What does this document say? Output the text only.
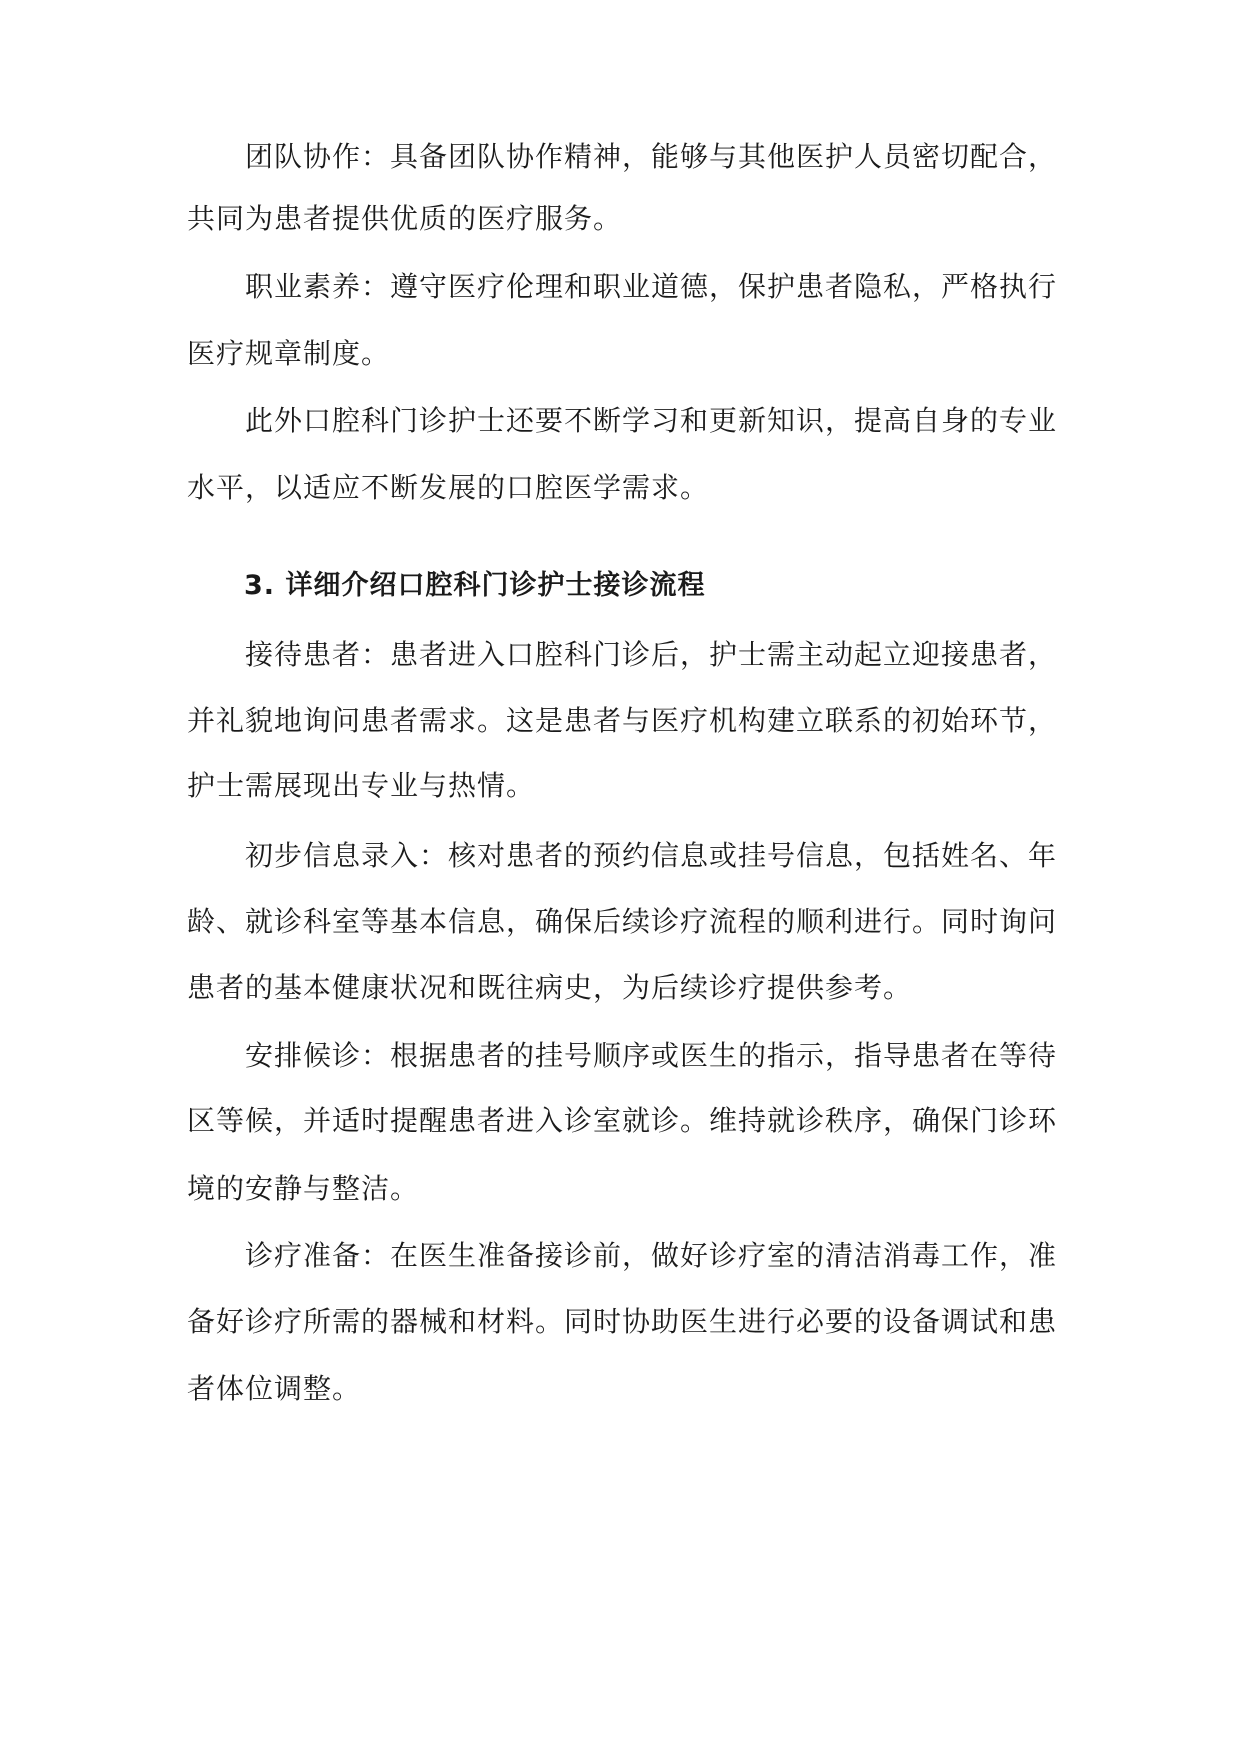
团队协作：具备团队协作精神，能够与其他医护人员密切配合，
共同为患者提供优质的医疗服务。
职业素养：遵守医疗伦理和职业道德，保护患者隐私，严格执行
医疗规章制度。
此外口腔科门诊护士还要不断学习和更新知识，提高自身的专业
水平，以适应不断发展的口腔医学需求。
3. 详细介绍口腔科门诊护士接诊流程
接待患者：患者进入口腔科门诊后，护士需主动起立迎接患者，
并礼貌地询问患者需求。这是患者与医疗机构建立联系的初始环节，
护士需展现出专业与热情。
初步信息录入：核对患者的预约信息或挂号信息，包括姓名、年
龄、就诊科室等基本信息，确保后续诊疗流程的顺利进行。同时询问
患者的基本健康状况和既往病史，为后续诊疗提供参考。
安排候诊：根据患者的挂号顺序或医生的指示，指导患者在等待
区等候，并适时提醒患者进入诊室就诊。维持就诊秩序，确保门诊环
境的安静与整洁。
诊疗准备：在医生准备接诊前，做好诊疗室的清洁消毒工作，准
备好诊疗所需的器械和材料。同时协助医生进行必要的设备调试和患
者体位调整。
